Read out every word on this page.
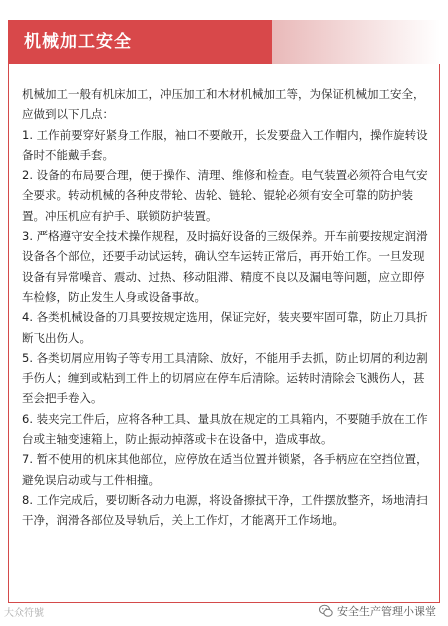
机械加工安全

机械加工一般有机床加工，冲压加工和木材机械加工等，为保证机械加工安全，应做到以下几点：

1. 工作前要穿好紧身工作服，袖口不要敞开，长发要盘入工作帽内，操作旋转设备时不能戴手套。

2. 设备的布局要合理，便于操作、清理、维修和检查。电气装置必须符合电气安全要求。转动机械的各种皮带轮、齿轮、链轮、锟轮必须有安全可靠的防护装置。冲压机应有护手、联锁防护装置。

3. 严格遵守安全技术操作规程，及时搞好设备的三级保养。开车前要按规定润滑设备各个部位，还要手动试运转，确认空车运转正常后，再开始工作。一旦发现设备有异常噪音、震动、过热、移动阻滞、精度不良以及漏电等问题，应立即停车检修，防止发生人身或设备事故。

4. 各类机械设备的刀具要按规定选用，保证完好，装夹要牢固可靠，防止刀具折断飞出伤人。

5. 各类切屑应用钩子等专用工具清除、放好，不能用手去抓，防止切屑的利边割手伤人；缠到或粘到工件上的切屑应在停车后清除。运转时清除会飞溅伤人，甚至会把手卷入。

6. 装夹完工件后，应将各种工具、量具放在规定的工具箱内，不要随手放在工作台或主轴变速箱上，防止振动掉落或卡在设备中，造成事故。

7. 暂不使用的机床其他部位，应停放在适当位置并锁紧，各手柄应在空挡位置，避免误启动或与工件相撞。

8. 工作完成后，要切断各动力电源，将设备擦拭干净，工件摆放整齐，场地清扫干净，润滑各部位及导轨后，关上工作灯，才能离开工作场地。

大众符號	安全生产管理小课堂
